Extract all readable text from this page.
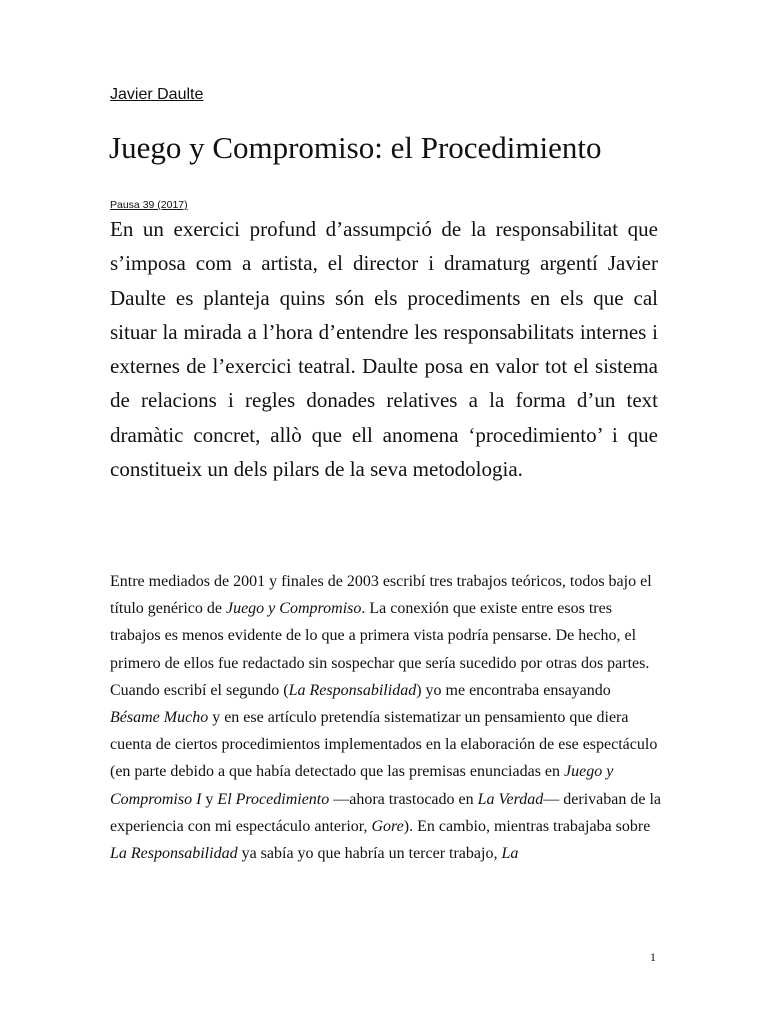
Javier Daulte
Juego y Compromiso: el Procedimiento
Pausa 39 (2017)

En un exercici profund d’assumpció de la responsabilitat que s’imposa com a artista, el director i dramaturg argentí Javier Daulte es planteja quins són els procediments en els que cal situar la mirada a l’hora d’entendre les responsabilitats internes i externes de l’exercici teatral. Daulte posa en valor tot el sistema de relacions i regles donades relatives a la forma d’un text dramàtic concret, allò que ell anomena ‘procedimiento’ i que constitueix un dels pilars de la seva metodologia.

Entre mediados de 2001 y finales de 2003 escribí tres trabajos teóricos, todos bajo el título genérico de Juego y Compromiso. La conexión que existe entre esos tres trabajos es menos evidente de lo que a primera vista podría pensarse. De hecho, el primero de ellos fue redactado sin sospechar que sería sucedido por otras dos partes. Cuando escribí el segundo (La Responsabilidad) yo me encontraba ensayando Bésame Mucho y en ese artículo pretendía sistematizar un pensamiento que diera cuenta de ciertos procedimientos implementados en la elaboración de ese espectáculo (en parte debido a que había detectado que las premisas enunciadas en Juego y Compromiso I y El Procedimiento —ahora trastocado en La Verdad— derivaban de la experiencia con mi espectáculo anterior, Gore). En cambio, mientras trabajaba sobre La Responsabilidad ya sabía yo que habría un tercer trabajo, La

1
